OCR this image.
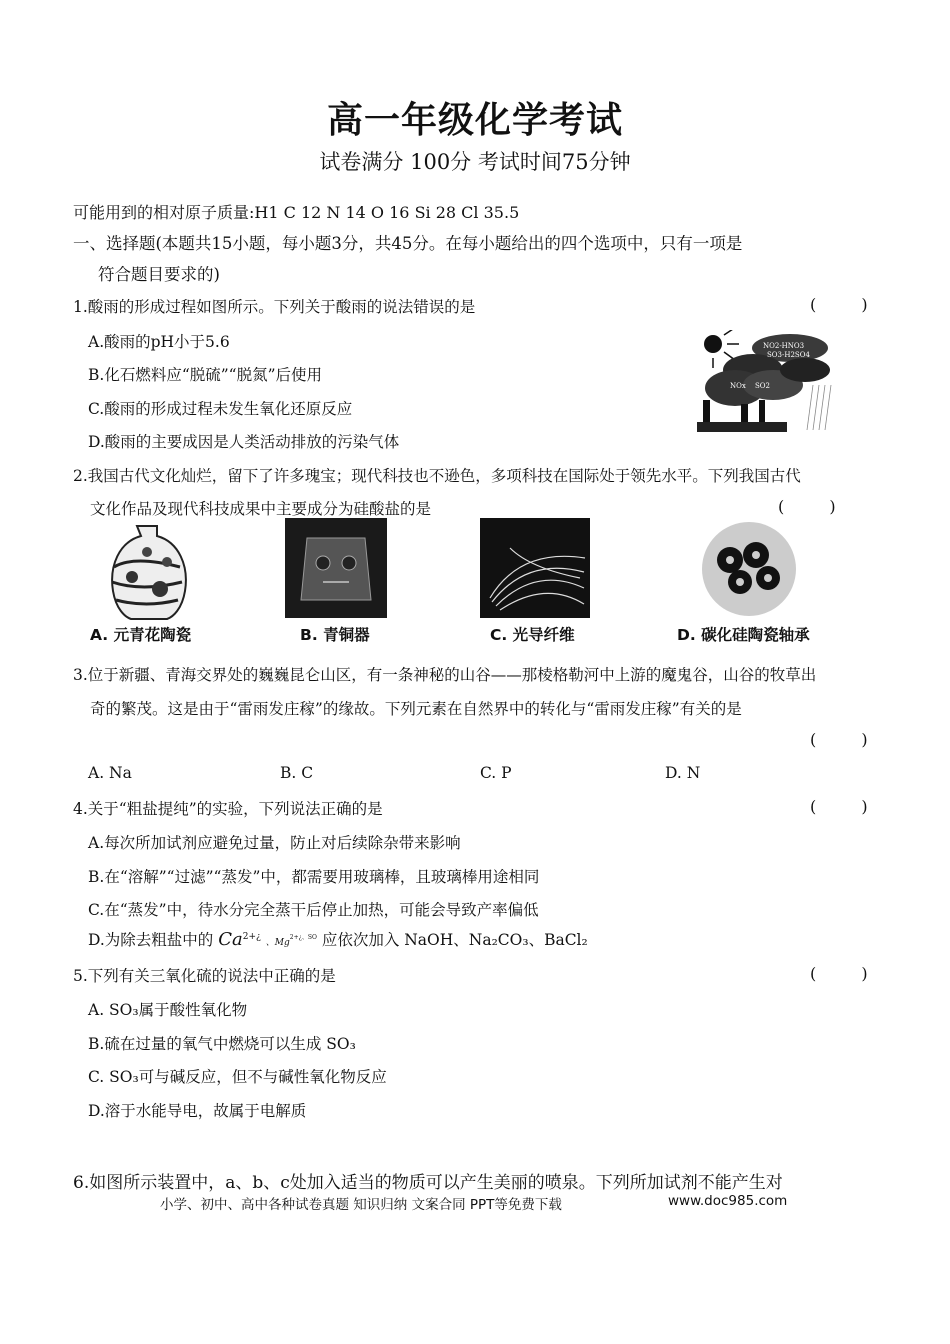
高一年级化学考试
试卷满分 100分 考试时间75分钟
可能用到的相对原子质量:H1 C 12 N 14 O 16 Si 28 Cl 35.5
一、选择题(本题共15小题，每小题3分，共45分。在每小题给出的四个选项中，只有一项是
符合题目要求的)
1.酸雨的形成过程如图所示。下列关于酸雨的说法错误的是	( )
A.酸雨的pH小于5.6
B.化石燃料应“脱硫”“脱氮”后使用
C.酸雨的形成过程未发生氧化还原反应
D.酸雨的主要成因是人类活动排放的污染气体
NO2-HNO3
SO3-H2SO4
NOx SO2
2.我国古代文化灿烂，留下了许多瑰宝；现代科技也不逊色，多项科技在国际处于领先水平。下列我国古代
文化作品及现代科技成果中主要成分为硅酸盐的是	( )
A. 元青花陶瓷	B. 青铜器	C. 光导纤维	D. 碳化硅陶瓷轴承
3.位于新疆、青海交界处的巍巍昆仑山区，有一条神秘的山谷——那棱格勒河中上游的魔鬼谷，山谷的牧草出
奇的繁茂。这是由于“雷雨发庄稼”的缘故。下列元素在自然界中的转化与“雷雨发庄稼”有关的是
( )
A. Na	B. C	C. P	D. N
4.关于“粗盐提纯”的实验，下列说法正确的是	( )
A.每次所加试剂应避免过量，防止对后续除杂带来影响
B.在“溶解”“过滤”“蒸发”中，都需要用玻璃棒，且玻璃棒用途相同
C.在“蒸发”中，待水分完全蒸干后停止加热，可能会导致产率偏低
D.为除去粗盐中的 $Ca^{2+¿}$ 、$Mg^{2+¿、SO}$ 应依次加入 NaOH、Na₂CO₃、BaCl₂
5.下列有关三氧化硫的说法中正确的是	( )
A. SO₃属于酸性氧化物
B.硫在过量的氧气中燃烧可以生成 SO₃
C. SO₃可与碱反应，但不与碱性氧化物反应
D.溶于水能导电，故属于电解质
6.如图所示装置中，a、b、c处加入适当的物质可以产生美丽的喷泉。下列所加试剂不能产生对
小学、初中、高中各种试卷真题 知识归纳 文案合同 PPT等免费下载	www.doc985.com
